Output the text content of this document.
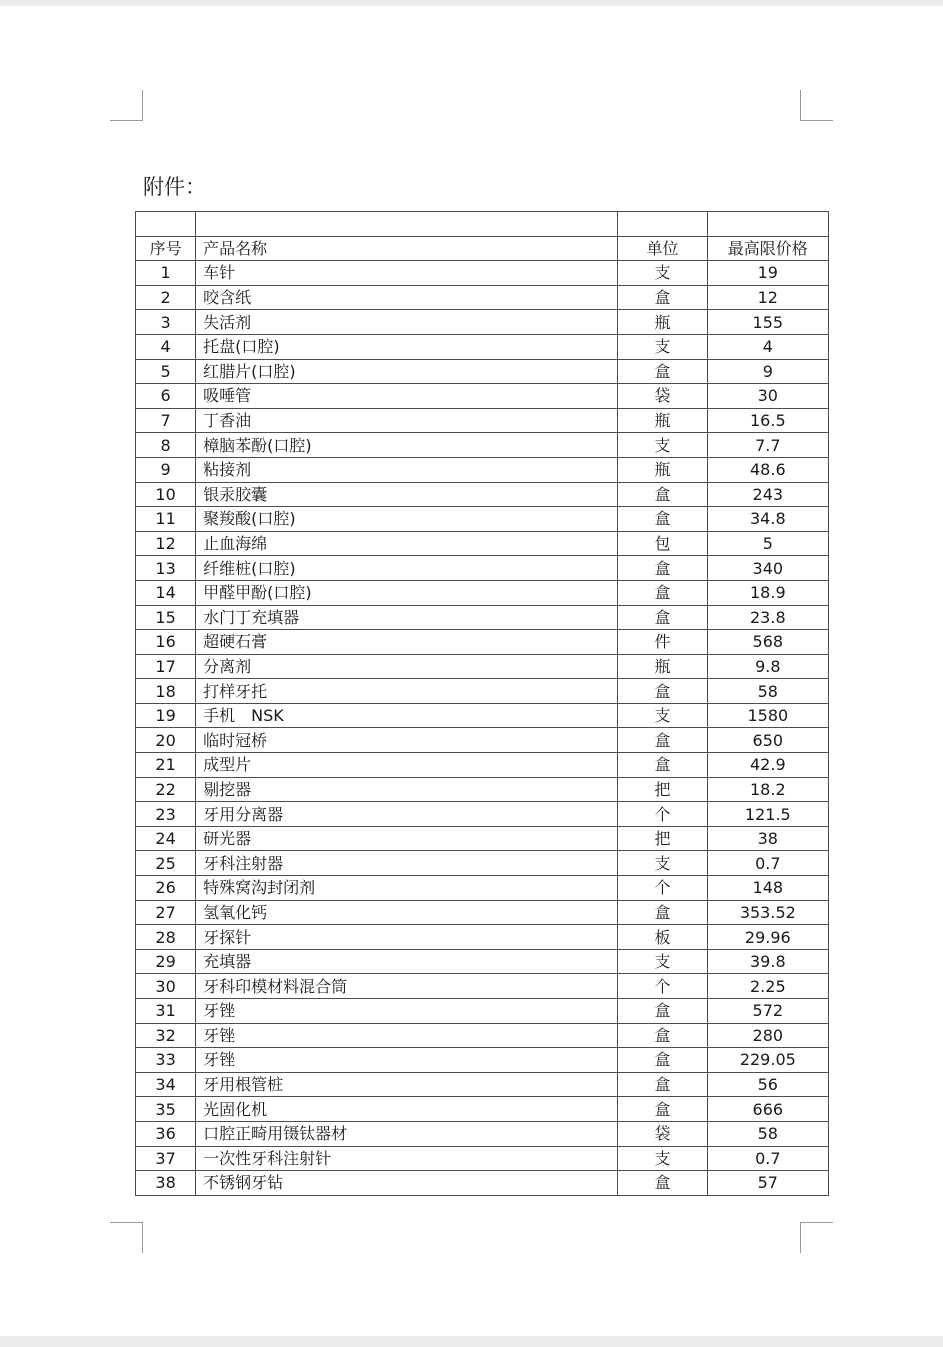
附件：

序号	产品名称	单位	最高限价格
1	车针	支	19
2	咬含纸	盒	12
3	失活剂	瓶	155
4	托盘(口腔)	支	4
5	红腊片(口腔)	盒	9
6	吸唾管	袋	30
7	丁香油	瓶	16.5
8	樟脑苯酚(口腔)	支	7.7
9	粘接剂	瓶	48.6
10	银汞胶囊	盒	243
11	聚羧酸(口腔)	盒	34.8
12	止血海绵	包	5
13	纤维桩(口腔)	盒	340
14	甲醛甲酚(口腔)	盒	18.9
15	水门丁充填器	盒	23.8
16	超硬石膏	件	568
17	分离剂	瓶	9.8
18	打样牙托	盒	58
19	手机　NSK	支	1580
20	临时冠桥	盒	650
21	成型片	盒	42.9
22	剔挖器	把	18.2
23	牙用分离器	个	121.5
24	研光器	把	38
25	牙科注射器	支	0.7
26	特殊窝沟封闭剂	个	148
27	氢氧化钙	盒	353.52
28	牙探针	板	29.96
29	充填器	支	39.8
30	牙科印模材料混合筒	个	2.25
31	牙锉	盒	572
32	牙锉	盒	280
33	牙锉	盒	229.05
34	牙用根管桩	盒	56
35	光固化机	盒	666
36	口腔正畸用镊钛器材	袋	58
37	一次性牙科注射针	支	0.7
38	不锈钢牙钻	盒	57
